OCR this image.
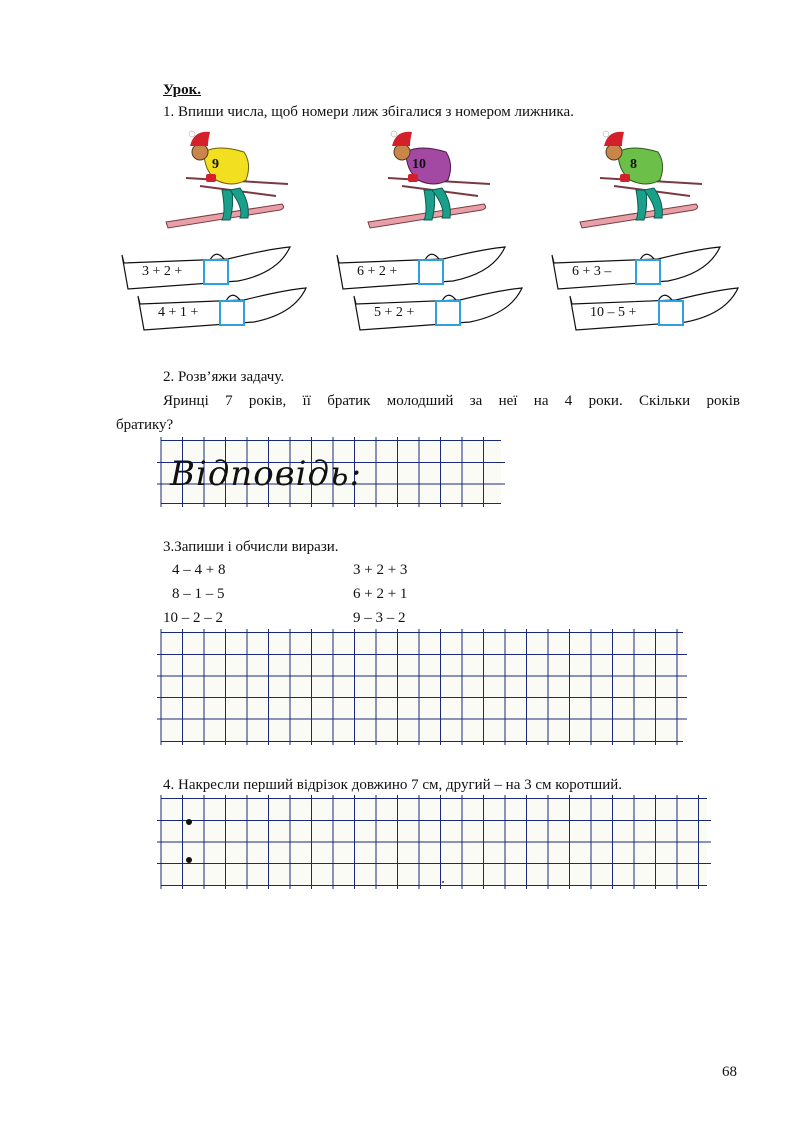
Урок.
1. Впиши числа, щоб номери лиж збігалися з номером лижника.
9	10	8
3 + 2 +
4 + 1 +
6 + 2 +
5 + 2 +
6 + 3 –
10 – 5 +
2. Розв’яжи задачу.
Яринці 7 років, її братик молодший за неї на 4 роки. Скільки років
братику?
Відповідь:
3.Запиши і обчисли вирази.
4 – 4 + 8
8 – 1 – 5
10 – 2 – 2
3 + 2 + 3
6 + 2 + 1
9 – 3 – 2
4. Накресли перший відрізок довжино 7 см, другий – на 3 см коротший.
68
